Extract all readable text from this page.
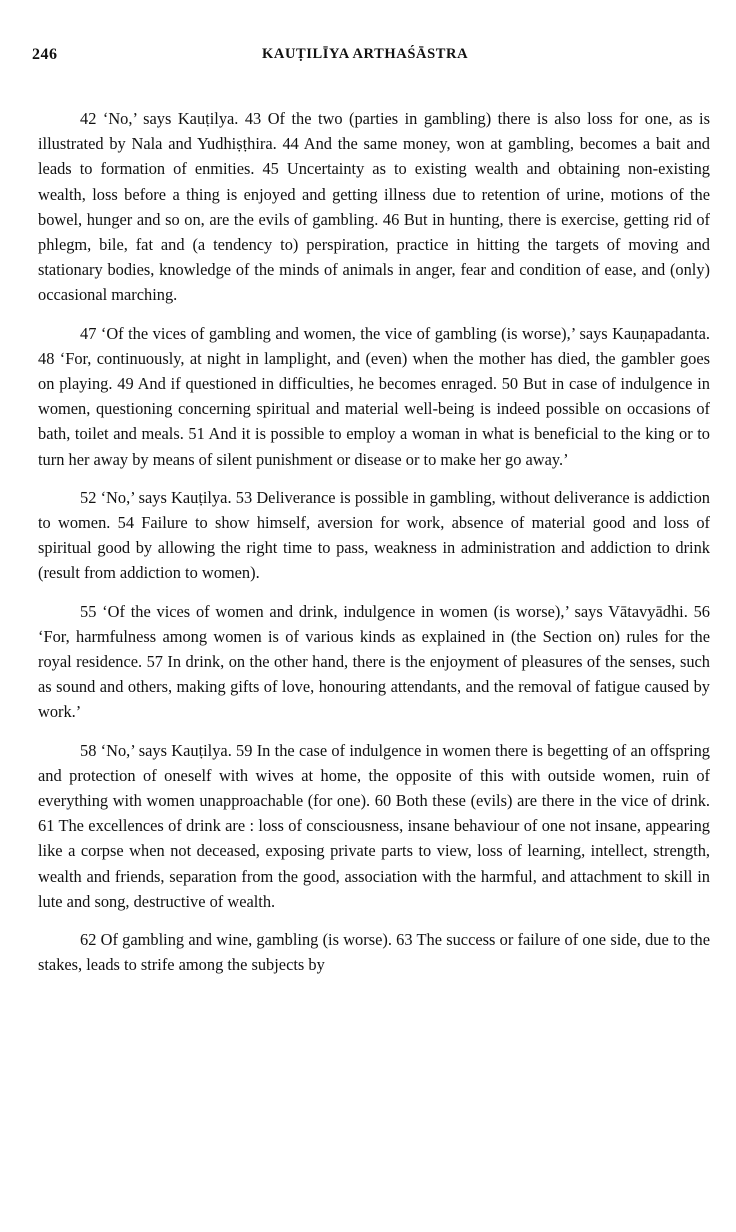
246	KAUṬILĪYA ARTHAŚĀSTRA

42 ‘No,’ says Kauṭilya. 43 Of the two (parties in gambling) there is also loss for one, as is illustrated by Nala and Yudhiṣṭhira. 44 And the same money, won at gambling, becomes a bait and leads to formation of enmities. 45 Uncertainty as to existing wealth and obtaining non-existing wealth, loss before a thing is enjoyed and getting illness due to retention of urine, motions of the bowel, hunger and so on, are the evils of gambling. 46 But in hunting, there is exercise, getting rid of phlegm, bile, fat and (a tendency to) perspiration, practice in hitting the targets of moving and stationary bodies, knowledge of the minds of animals in anger, fear and condition of ease, and (only) occasional marching.

47 ‘Of the vices of gambling and women, the vice of gambling (is worse),’ says Kauṇapadanta. 48 ‘For, continuously, at night in lamplight, and (even) when the mother has died, the gambler goes on playing. 49 And if questioned in difficulties, he becomes enraged. 50 But in case of indulgence in women, questioning concerning spiritual and material well-being is indeed possible on occasions of bath, toilet and meals. 51 And it is possible to employ a woman in what is beneficial to the king or to turn her away by means of silent punishment or disease or to make her go away.’

52 ‘No,’ says Kauṭilya. 53 Deliverance is possible in gambling, without deliverance is addiction to women. 54 Failure to show himself, aversion for work, absence of material good and loss of spiritual good by allowing the right time to pass, weakness in administration and addiction to drink (result from addiction to women).

55 ‘Of the vices of women and drink, indulgence in women (is worse),’ says Vātavyādhi. 56 ‘For, harmfulness among women is of various kinds as explained in (the Section on) rules for the royal residence. 57 In drink, on the other hand, there is the enjoyment of pleasures of the senses, such as sound and others, making gifts of love, honouring attendants, and the removal of fatigue caused by work.’

58 ‘No,’ says Kauṭilya. 59 In the case of indulgence in women there is begetting of an offspring and protection of oneself with wives at home, the opposite of this with outside women, ruin of everything with women unapproachable (for one). 60 Both these (evils) are there in the vice of drink. 61 The excellences of drink are : loss of consciousness, insane behaviour of one not insane, appearing like a corpse when not deceased, exposing private parts to view, loss of learning, intellect, strength, wealth and friends, separation from the good, association with the harmful, and attachment to skill in lute and song, destructive of wealth.

62 Of gambling and wine, gambling (is worse). 63 The success or failure of one side, due to the stakes, leads to strife among the subjects by
